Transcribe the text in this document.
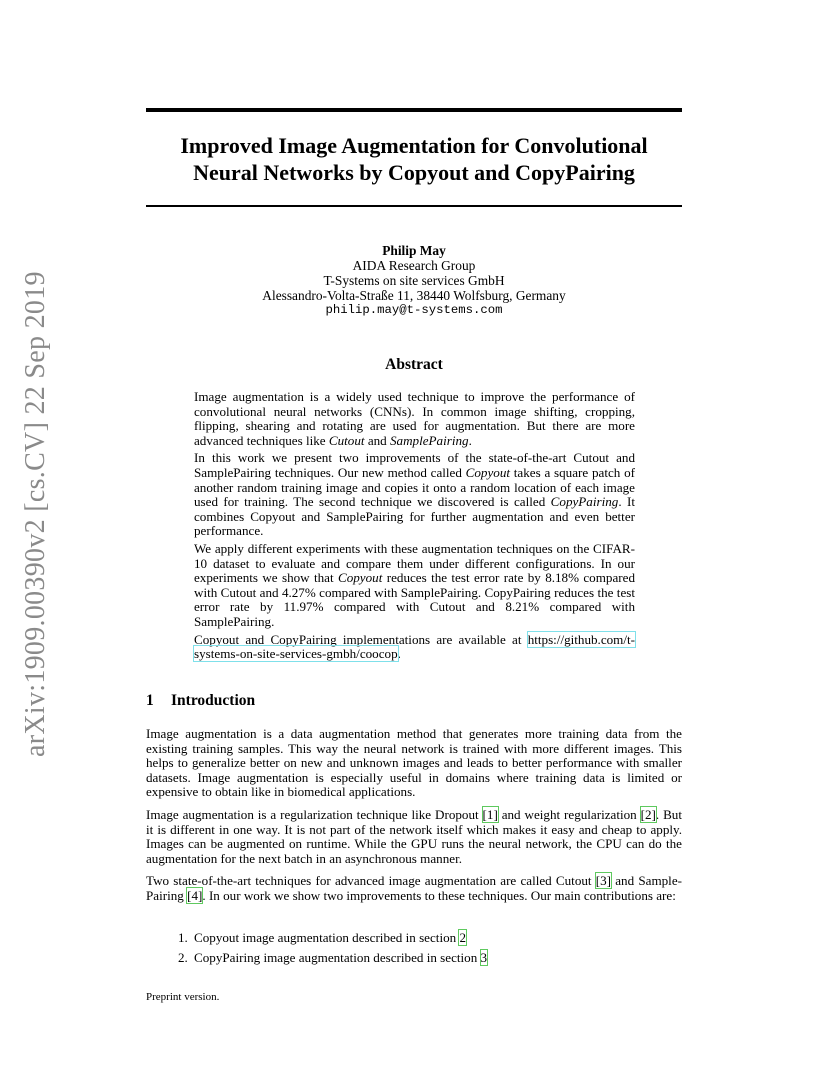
arXiv:1909.00390v2 [cs.CV] 22 Sep 2019
Improved Image Augmentation for Convolutional
Neural Networks by Copyout and CopyPairing
Philip May
AIDA Research Group
T-Systems on site services GmbH
Alessandro-Volta-Straße 11, 38440 Wolfsburg, Germany
philip.may@t-systems.com
Abstract

Image augmentation is a widely used technique to improve the performance of convolutional neural networks (CNNs). In common image shifting, cropping, flipping, shearing and rotating are used for augmentation. But there are more advanced techniques like Cutout and SamplePairing.

In this work we present two improvements of the state-of-the-art Cutout and SamplePairing techniques. Our new method called Copyout takes a square patch of another random training image and copies it onto a random location of each image used for training. The second technique we discovered is called CopyPairing. It combines Copyout and SamplePairing for further augmentation and even better performance.

We apply different experiments with these augmentation techniques on the CIFAR-10 dataset to evaluate and compare them under different configurations. In our experiments we show that Copyout reduces the test error rate by 8.18% compared with Cutout and 4.27% compared with SamplePairing. CopyPairing reduces the test error rate by 11.97% compared with Cutout and 8.21% compared with SamplePairing.

Copyout and CopyPairing implementations are available at https://github.com/t-systems-on-site-services-gmbh/coocop.

1 Introduction

Image augmentation is a data augmentation method that generates more training data from the existing training samples. This way the neural network is trained with more different images. This helps to generalize better on new and unknown images and leads to better performance with smaller datasets. Image augmentation is especially useful in domains where training data is limited or expensive to obtain like in biomedical applications.

Image augmentation is a regularization technique like Dropout [1] and weight regularization [2]. But it is different in one way. It is not part of the network itself which makes it easy and cheap to apply. Images can be augmented on runtime. While the GPU runs the neural network, the CPU can do the augmentation for the next batch in an asynchronous manner.

Two state-of-the-art techniques for advanced image augmentation are called Cutout [3] and Sample-Pairing [4]. In our work we show two improvements to these techniques. Our main contributions are:

1. Copyout image augmentation described in section 2
2. CopyPairing image augmentation described in section 3
Preprint version.
